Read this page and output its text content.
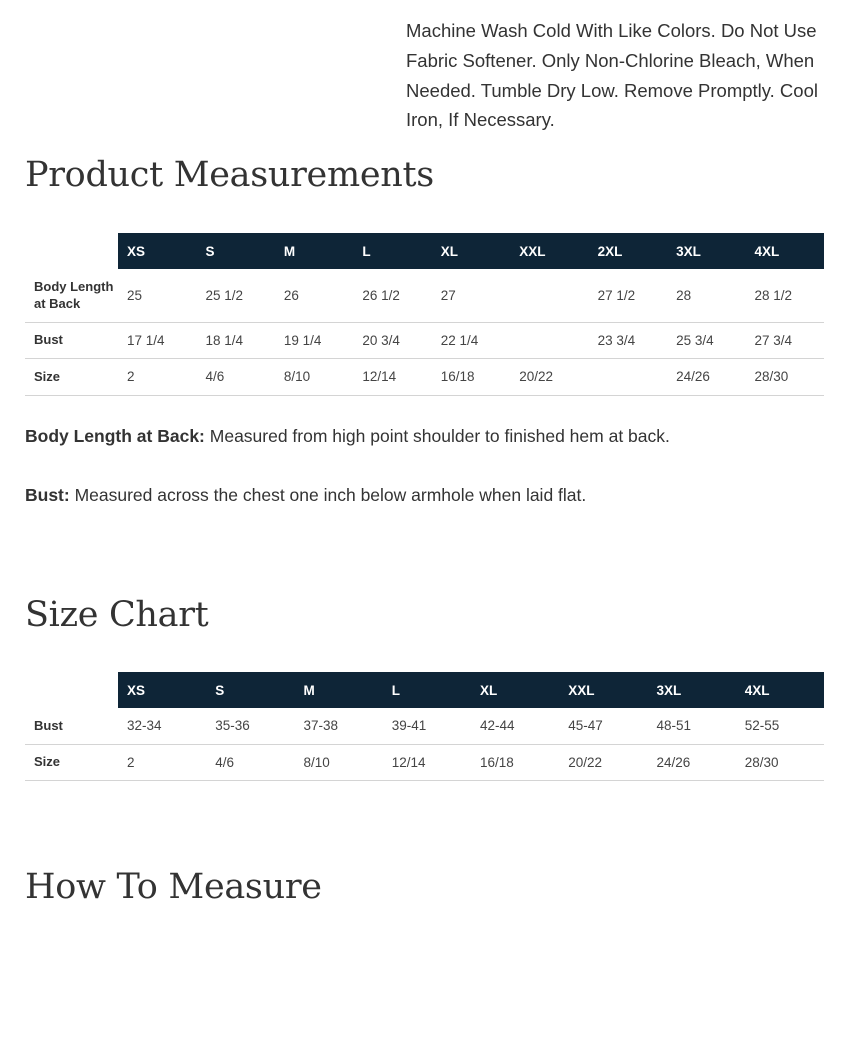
Machine Wash Cold With Like Colors. Do Not Use Fabric Softener. Only Non-Chlorine Bleach, When Needed. Tumble Dry Low. Remove Promptly. Cool Iron, If Necessary.
Product Measurements
	XS	S	M	L	XL	XXL	2XL	3XL	4XL
Body Length at Back	25	25 1/2	26	26 1/2	27		27 1/2	28	28 1/2
Bust	17 1/4	18 1/4	19 1/4	20 3/4	22 1/4		23 3/4	25 3/4	27 3/4
Size	2	4/6	8/10	12/14	16/18	20/22		24/26	28/30

Body Length at Back: Measured from high point shoulder to finished hem at back.

Bust: Measured across the chest one inch below armhole when laid flat.

Size Chart
	XS	S	M	L	XL	XXL	3XL	4XL
Bust	32-34	35-36	37-38	39-41	42-44	45-47	48-51	52-55
Size	2	4/6	8/10	12/14	16/18	20/22	24/26	28/30
How To Measure
